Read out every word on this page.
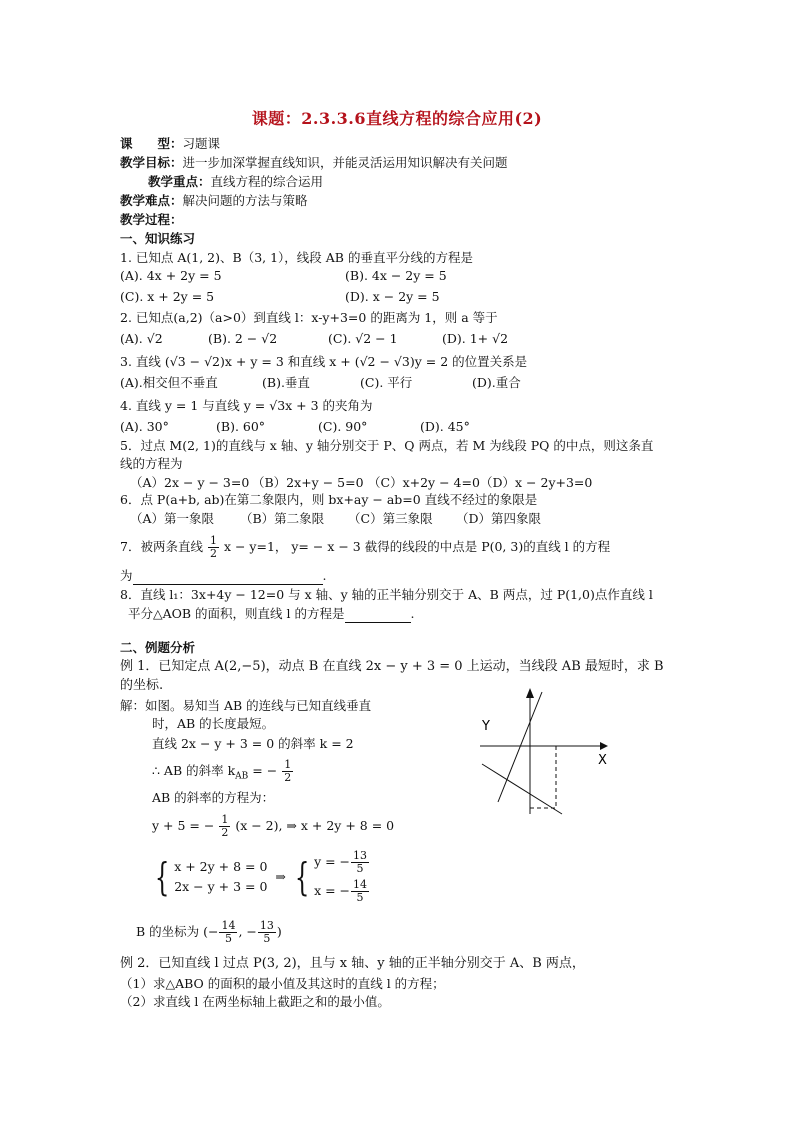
课题：2.3.3.6直线方程的综合应用(2)
课　　型：习题课
教学目标：进一步加深掌握直线知识，并能灵活运用知识解决有关问题
教学重点：直线方程的综合运用
教学难点：解决问题的方法与策略
教学过程：
一、知识练习
1. 已知点 A(1, 2)、B（3, 1），线段 AB 的垂直平分线的方程是
(A). 4x + 2y = 5	(B). 4x − 2y = 5
(C). x + 2y = 5	(D). x − 2y = 5
2. 已知点(a,2)（a>0）到直线 l：x-y+3=0 的距离为 1，则 a 等于
(A). √2	(B). 2 − √2	(C). √2 − 1	(D). 1+ √2
3. 直线 (√3 − √2)x + y = 3 和直线 x + (√2 − √3)y = 2 的位置关系是
(A).相交但不垂直	(B).垂直	(C). 平行	(D).重合
4. 直线 y = 1 与直线 y = √3x + 3 的夹角为
(A). 30°	(B). 60°	(C). 90°	(D). 45°
5．过点 M(2, 1)的直线与 x 轴、y 轴分别交于 P、Q 两点，若 M 为线段 PQ 的中点，则这条直
线的方程为
（A）2x − y − 3=0 （B）2x+y − 5=0 （C）x+2y − 4=0 （D）x − 2y+3=0
6．点 P(a+b, ab)在第二象限内，则 bx+ay − ab=0 直线不经过的象限是
（A）第一象限 （B）第二象限 （C）第三象限 （D）第四象限
7．被两条直线 $\frac{1}{2}$ x − y=1， y= − x − 3 截得的线段的中点是 P(0, 3)的直线 l 的方程
为	.
8．直线 l₁：3x+4y − 12=0 与 x 轴、y 轴的正半轴分别交于 A、B 两点，过 P(1,0)点作直线 l
平分△AOB 的面积，则直线 l 的方程是	.
二、例题分析
例 1．已知定点 A(2,−5)，动点 B 在直线 2x − y + 3 = 0 上运动，当线段 AB 最短时，求 B
的坐标.
解：如图。易知当 AB 的连线与已知直线垂直
时，AB 的长度最短。
直线 2x − y + 3 = 0 的斜率 k = 2
∴ AB 的斜率 $k_{AB}$ = − $\frac{1}{2}$
AB 的斜率的方程为：
y + 5 = − $\frac{1}{2} (x - 2)$, ⇒ x + 2y + 8 = 0
{ x + 2y + 8 = 0
2x − y + 3 = 0
⇒ { y = − $\frac{13}{5}$
x = − $\frac{14}{5}$
B 的坐标为 (− $\frac{14}{5}$ , − $\frac{13}{5}$ )
Y
X
例 2．已知直线 l 过点 P(3, 2)，且与 x 轴、y 轴的正半轴分别交于 A、B 两点，
（1）求△ABO 的面积的最小值及其这时的直线 l 的方程；
（2）求直线 l 在两坐标轴上截距之和的最小值。
